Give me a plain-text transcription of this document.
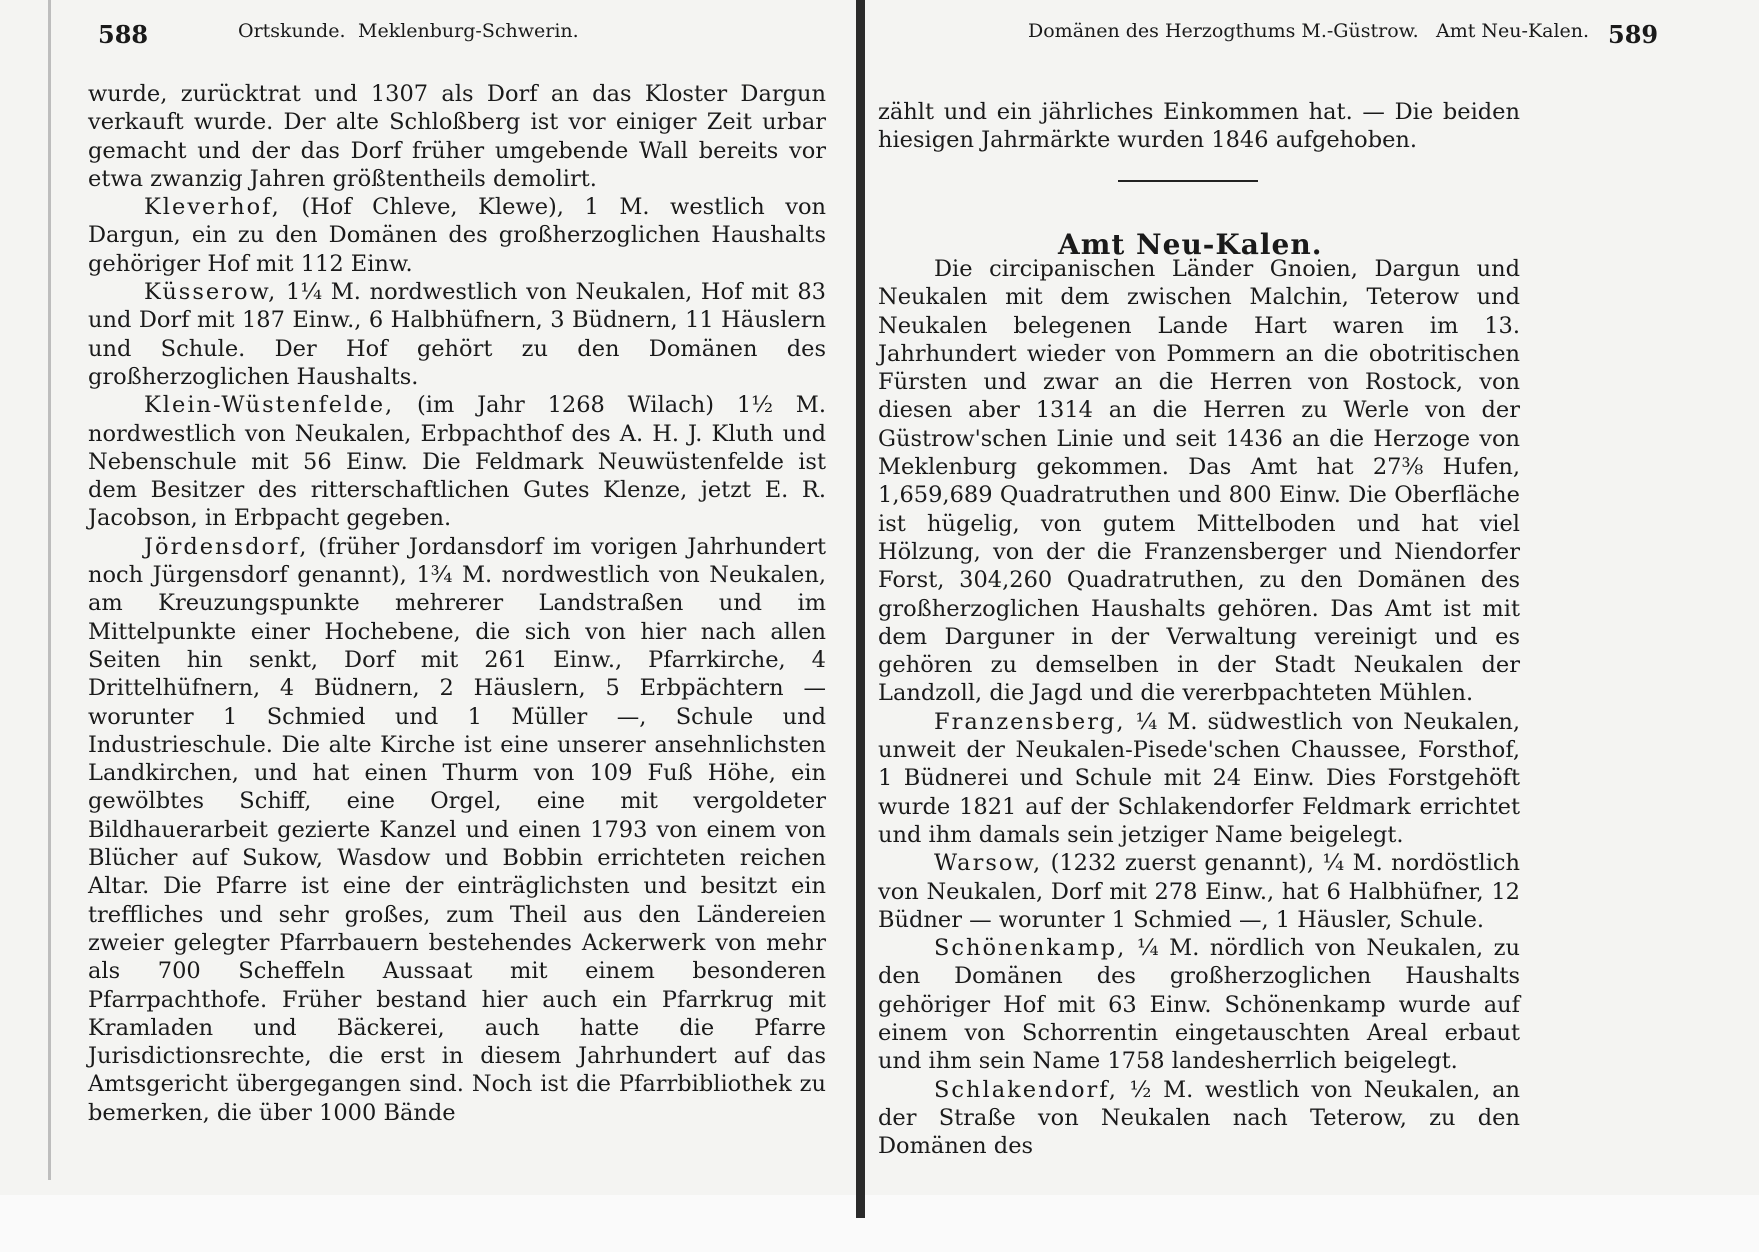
588	Ortskunde. Meklenburg-Schwerin.

wurde, zurücktrat und 1307 als Dorf an das Kloster Dargun verkauft wurde. Der alte Schloßberg ist vor einiger Zeit urbar gemacht und der das Dorf früher umgebende Wall bereits vor etwa zwanzig Jahren größtentheils demolirt.

Kleverhof, (Hof Chleve, Klewe), 1 M. westlich von Dargun, ein zu den Domänen des großherzoglichen Haushalts gehöriger Hof mit 112 Einw.

Küsserow, 1¼ M. nordwestlich von Neukalen, Hof mit 83 und Dorf mit 187 Einw., 6 Halbhüfnern, 3 Büdnern, 11 Häuslern und Schule. Der Hof gehört zu den Domänen des großherzoglichen Haushalts.

Klein-Wüstenfelde, (im Jahr 1268 Wilach) 1½ M. nordwestlich von Neukalen, Erbpachthof des A. H. J. Kluth und Nebenschule mit 56 Einw. Die Feldmark Neuwüstenfelde ist dem Besitzer des ritterschaftlichen Gutes Klenze, jetzt E. R. Jacobson, in Erbpacht gegeben.

Jördensdorf, (früher Jordansdorf im vorigen Jahrhundert noch Jürgensdorf genannt), 1¾ M. nordwestlich von Neukalen, am Kreuzungspunkte mehrerer Landstraßen und im Mittelpunkte einer Hochebene, die sich von hier nach allen Seiten hin senkt, Dorf mit 261 Einw., Pfarrkirche, 4 Drittelhüfnern, 4 Büdnern, 2 Häuslern, 5 Erbpächtern — worunter 1 Schmied und 1 Müller —, Schule und Industrieschule. Die alte Kirche ist eine unserer ansehnlichsten Landkirchen, und hat einen Thurm von 109 Fuß Höhe, ein gewölbtes Schiff, eine Orgel, eine mit vergoldeter Bildhauerarbeit gezierte Kanzel und einen 1793 von einem von Blücher auf Sukow, Wasdow und Bobbin errichteten reichen Altar. Die Pfarre ist eine der einträglichsten und besitzt ein treffliches und sehr großes, zum Theil aus den Ländereien zweier gelegter Pfarrbauern bestehendes Ackerwerk von mehr als 700 Scheffeln Aussaat mit einem besonderen Pfarrpachthofe. Früher bestand hier auch ein Pfarrkrug mit Kramladen und Bäckerei, auch hatte die Pfarre Jurisdictionsrechte, die erst in diesem Jahrhundert auf das Amtsgericht übergegangen sind. Noch ist die Pfarrbibliothek zu bemerken, die über 1000 Bände

Domänen des Herzogthums M.-Güstrow. Amt Neu-Kalen. 589

zählt und ein jährliches Einkommen hat. — Die beiden hiesigen Jahrmärkte wurden 1846 aufgehoben.

Amt Neu-Kalen.

Die circipanischen Länder Gnoien, Dargun und Neukalen mit dem zwischen Malchin, Teterow und Neukalen belegenen Lande Hart waren im 13. Jahrhundert wieder von Pommern an die obotritischen Fürsten und zwar an die Herren von Rostock, von diesen aber 1314 an die Herren zu Werle von der Güstrow'schen Linie und seit 1436 an die Herzoge von Meklenburg gekommen. Das Amt hat 27⅜ Hufen, 1,659,689 Quadratruthen und 800 Einw. Die Oberfläche ist hügelig, von gutem Mittelboden und hat viel Hölzung, von der die Franzensberger und Niendorfer Forst, 304,260 Quadratruthen, zu den Domänen des großherzoglichen Haushalts gehören. Das Amt ist mit dem Darguner in der Verwaltung vereinigt und es gehören zu demselben in der Stadt Neukalen der Landzoll, die Jagd und die vererbpachteten Mühlen.

Franzensberg, ¼ M. südwestlich von Neukalen, unweit der Neukalen-Pisede'schen Chaussee, Forsthof, 1 Büdnerei und Schule mit 24 Einw. Dies Forstgehöft wurde 1821 auf der Schlakendorfer Feldmark errichtet und ihm damals sein jetziger Name beigelegt.

Warsow, (1232 zuerst genannt), ¼ M. nordöstlich von Neukalen, Dorf mit 278 Einw., hat 6 Halbhüfner, 12 Büdner — worunter 1 Schmied —, 1 Häusler, Schule.

Schönenkamp, ¼ M. nördlich von Neukalen, zu den Domänen des großherzoglichen Haushalts gehöriger Hof mit 63 Einw. Schönenkamp wurde auf einem von Schorrentin eingetauschten Areal erbaut und ihm sein Name 1758 landesherrlich beigelegt.

Schlakendorf, ½ M. westlich von Neukalen, an der Straße von Neukalen nach Teterow, zu den Domänen des
